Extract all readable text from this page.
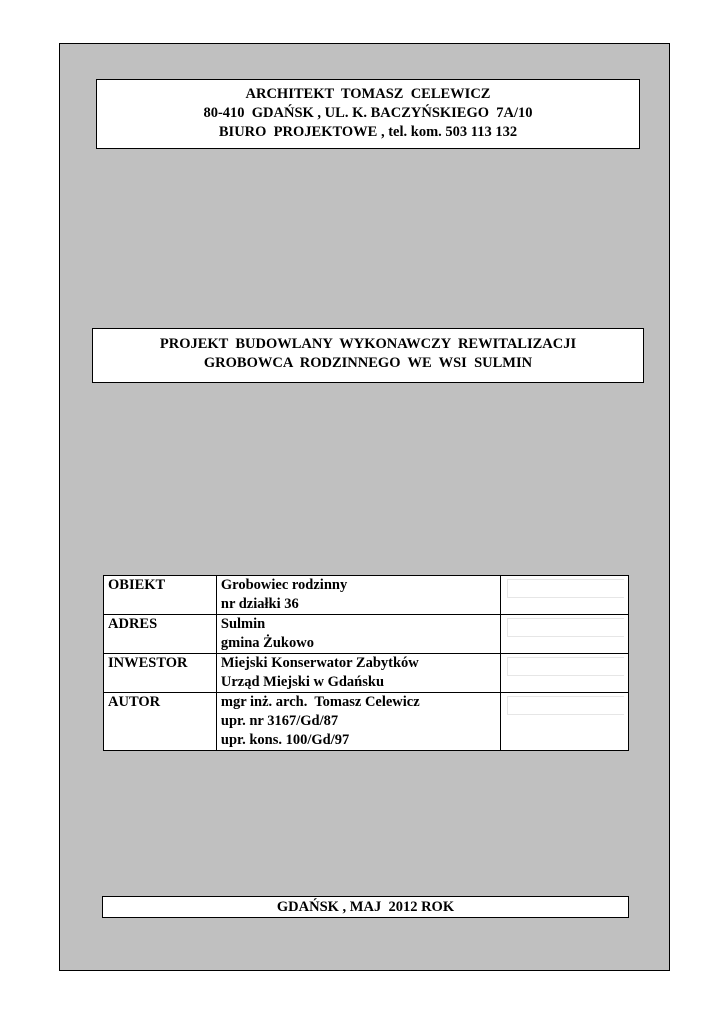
ARCHITEKT  TOMASZ  CELEWICZ
80-410  GDAŃSK , UL. K. BACZYŃSKIEGO  7A/10
BIURO  PROJEKTOWE , tel. kom. 503 113 132
PROJEKT  BUDOWLANY  WYKONAWCZY  REWITALIZACJI
GROBOWCA  RODZINNEGO  WE  WSI  SULMIN
OBIEKT	Grobowiec rodzinny
nr działki 36	

ADRES	Sulmin
gmina Żukowo	

INWESTOR	Miejski Konserwator Zabytków
Urząd Miejski w Gdańsku	

AUTOR	mgr inż. arch.  Tomasz Celewicz
upr. nr 3167/Gd/87
upr. kons. 100/Gd/97	

GDAŃSK , MAJ  2012 ROK
